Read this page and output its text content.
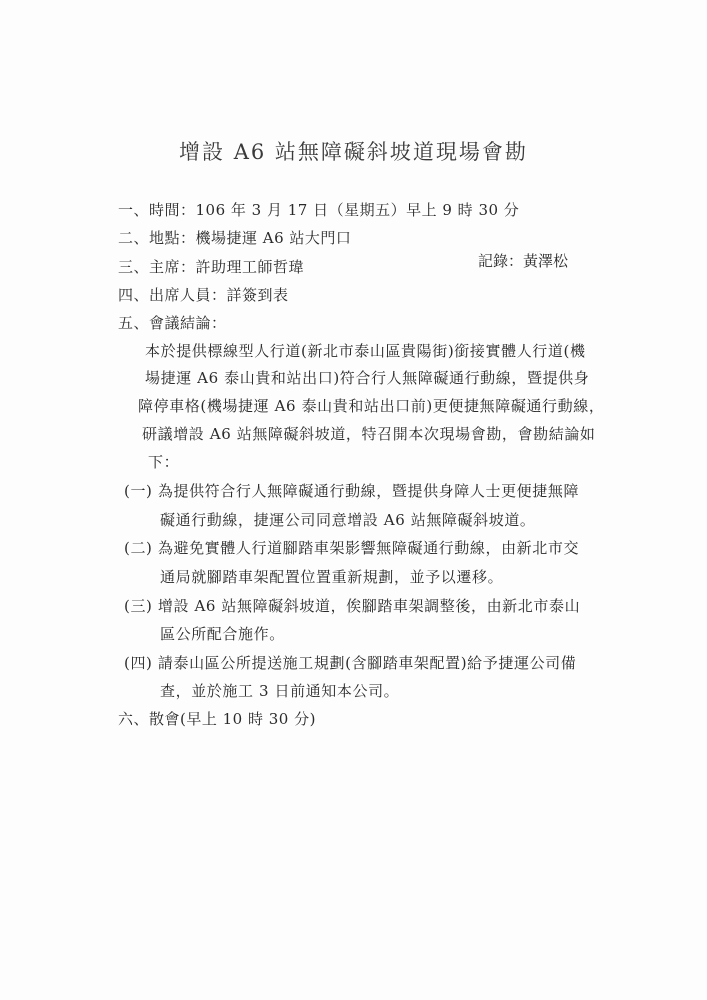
增設 A6 站無障礙斜坡道現場會勘
一、時間：106 年 3 月 17 日（星期五）早上 9 時 30 分
二、地點：機場捷運 A6 站大門口
三、主席：許助理工師哲瑋	記錄：黃澤松
四、出席人員：詳簽到表
五、會議結論：
本於提供標線型人行道(新北市泰山區貴陽街)銜接實體人行道(機
場捷運 A6 泰山貴和站出口)符合行人無障礙通行動線，暨提供身
障停車格(機場捷運 A6 泰山貴和站出口前)更便捷無障礙通行動線，
研議增設 A6 站無障礙斜坡道，特召開本次現場會勘，會勘結論如
下：
(一) 為提供符合行人無障礙通行動線，暨提供身障人士更便捷無障
礙通行動線，捷運公司同意增設 A6 站無障礙斜坡道。
(二) 為避免實體人行道腳踏車架影響無障礙通行動線，由新北市交
通局就腳踏車架配置位置重新規劃，並予以遷移。
(三) 增設 A6 站無障礙斜坡道，俟腳踏車架調整後，由新北市泰山
區公所配合施作。
(四) 請泰山區公所提送施工規劃(含腳踏車架配置)給予捷運公司備
查，並於施工 3 日前通知本公司。
六、散會(早上 10 時 30 分)
